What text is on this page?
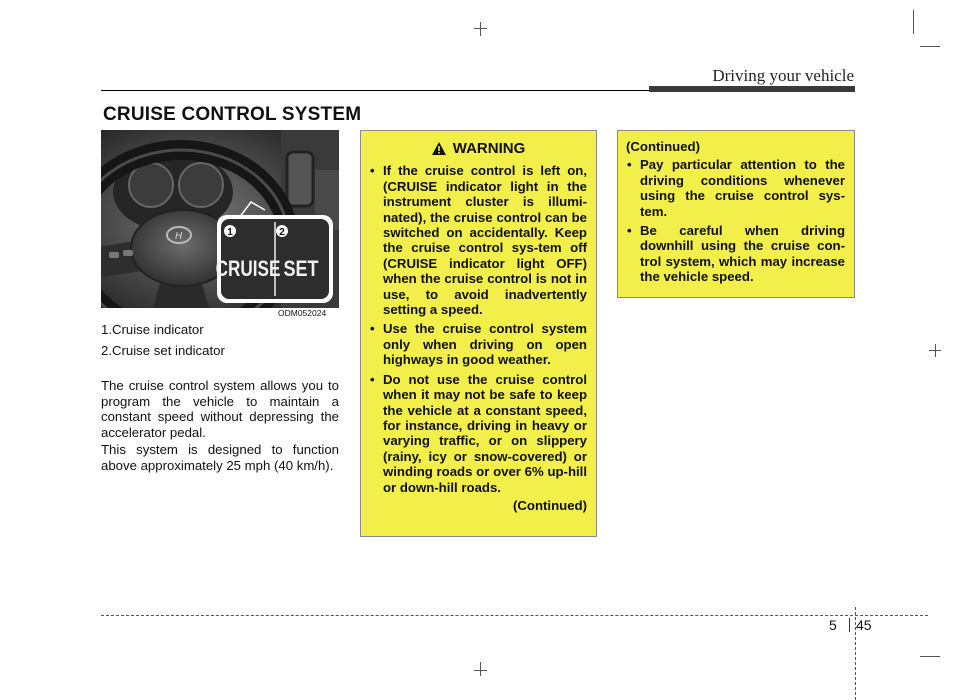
Driving your vehicle
CRUISE CONTROL SYSTEM
H	1	2
CRUISE SET
ODM052024
1.Cruise indicator
2.Cruise set indicator

The cruise control system allows you to program the vehicle to maintain a constant speed without depressing the accelerator pedal.

This system is designed to function above approximately 25 mph (40 km/h).

WARNING
• If the cruise control is left on, (CRUISE indicator light in the instrument cluster is illumi-nated), the cruise control can be switched on accidentally. Keep the cruise control sys-tem off (CRUISE indicator light OFF) when the cruise control is not in use, to avoid inadvertently setting a speed.
• Use the cruise control system only when driving on open highways in good weather.
• Do not use the cruise control when it may not be safe to keep the vehicle at a constant speed, for instance, driving in heavy or varying traffic, or on slippery (rainy, icy or snow-covered) or winding roads or over 6% up-hill or down-hill roads.
(Continued)
(Continued)
• Pay particular attention to the driving conditions whenever using the cruise control sys-tem.
• Be careful when driving downhill using the cruise con-trol system, which may increase the vehicle speed.
5 45
